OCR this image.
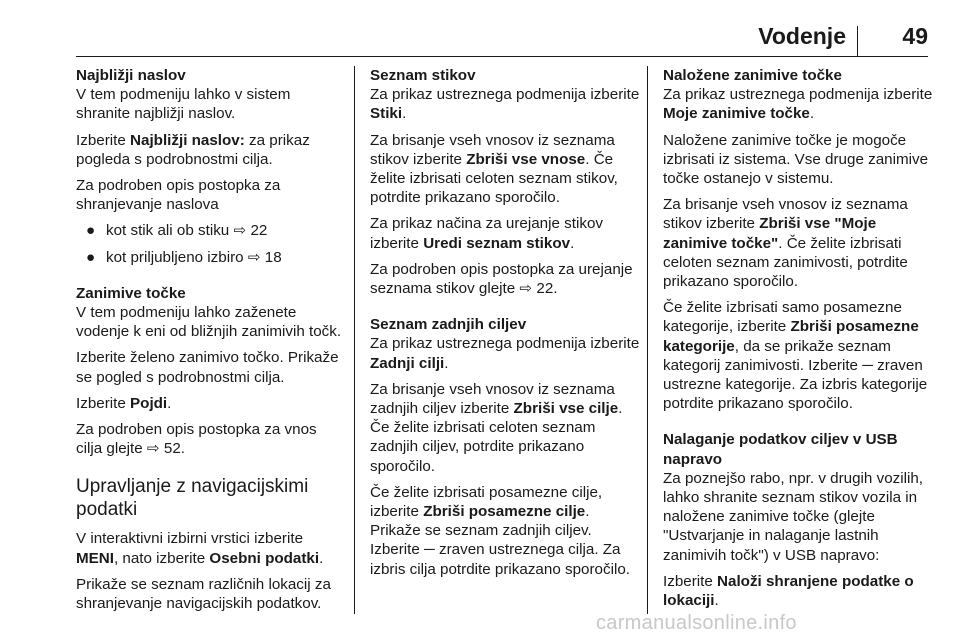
Vodenje	49
Najbližji naslov

V tem podmeniju lahko v sistem shranite najbližji naslov.

Izberite Najbližji naslov: za prikaz pogleda s podrobnostmi cilja.

Za podroben opis postopka za shranjevanje naslova

● kot stik ali ob stiku ⇨ 22
● kot priljubljeno izbiro ⇨ 18
Zanimive točke

V tem podmeniju lahko zaženete vodenje k eni od bližnjih zanimivih točk.

Izberite želeno zanimivo točko. Prikaže se pogled s podrobnostmi cilja.

Izberite Pojdi.

Za podroben opis postopka za vnos cilja glejte ⇨ 52.

Upravljanje z navigacijskimi podatki

V interaktivni izbirni vrstici izberite MENI, nato izberite Osebni podatki.

Prikaže se seznam različnih lokacij za shranjevanje navigacijskih podatkov.

Seznam stikov

Za prikaz ustreznega podmenija izberite Stiki.

Za brisanje vseh vnosov iz seznama stikov izberite Zbriši vse vnose. Če želite izbrisati celoten seznam stikov, potrdite prikazano sporočilo.

Za prikaz načina za urejanje stikov izberite Uredi seznam stikov.

Za podroben opis postopka za urejanje seznama stikov glejte ⇨ 22.

Seznam zadnjih ciljev

Za prikaz ustreznega podmenija izberite Zadnji cilji.

Za brisanje vseh vnosov iz seznama zadnjih ciljev izberite Zbriši vse cilje. Če želite izbrisati celoten seznam zadnjih ciljev, potrdite prikazano sporočilo.

Če želite izbrisati posamezne cilje, izberite Zbriši posamezne cilje. Prikaže se seznam zadnjih ciljev. Izberite ─ zraven ustreznega cilja. Za izbris cilja potrdite prikazano sporočilo.

Naložene zanimive točke

Za prikaz ustreznega podmenija izberite Moje zanimive točke.

Naložene zanimive točke je mogoče izbrisati iz sistema. Vse druge zanimive točke ostanejo v sistemu.

Za brisanje vseh vnosov iz seznama stikov izberite Zbriši vse "Moje zanimive točke". Če želite izbrisati celoten seznam zanimivosti, potrdite prikazano sporočilo.

Če želite izbrisati samo posamezne kategorije, izberite Zbriši posamezne kategorije, da se prikaže seznam kategorij zanimivosti. Izberite ─ zraven ustrezne kategorije. Za izbris kategorije potrdite prikazano sporočilo.

Nalaganje podatkov ciljev v USB napravo

Za poznejšo rabo, npr. v drugih vozilih, lahko shranite seznam stikov vozila in naložene zanimive točke (glejte "Ustvarjanje in nalaganje lastnih zanimivih točk") v USB napravo:

Izberite Naloži shranjene podatke o lokaciji.

carmanualsonline.info
